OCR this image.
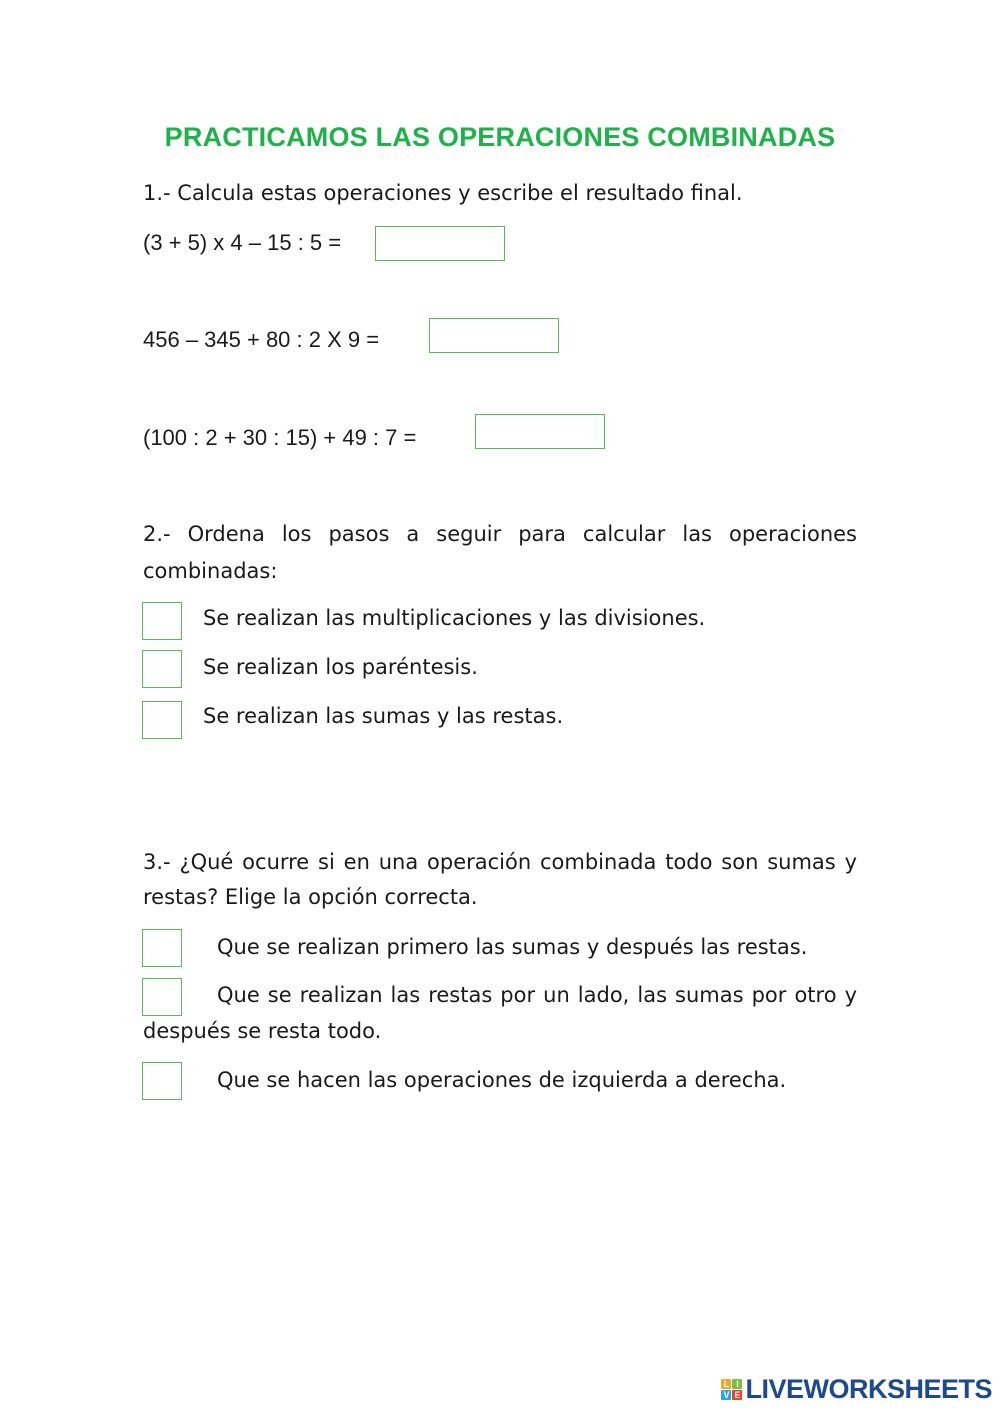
PRACTICAMOS LAS OPERACIONES COMBINADAS
1.- Calcula estas operaciones y escribe el resultado final.
(3 + 5) x 4 – 15 : 5 =
456 – 345 + 80 : 2 X 9 =
(100 : 2 + 30 : 15) + 49 : 7 =
2.- Ordena los pasos a seguir para calcular las operaciones
combinadas:
Se realizan las multiplicaciones y las divisiones.
Se realizan los paréntesis.
Se realizan las sumas y las restas.
3.- ¿Qué ocurre si en una operación combinada todo son sumas y
restas? Elige la opción correcta.
Que se realizan primero las sumas y después las restas.
Que se realizan las restas por un lado, las sumas por otro y
después se resta todo.
Que se hacen las operaciones de izquierda a derecha.
L I
V E LIVEWORKSHEETS
